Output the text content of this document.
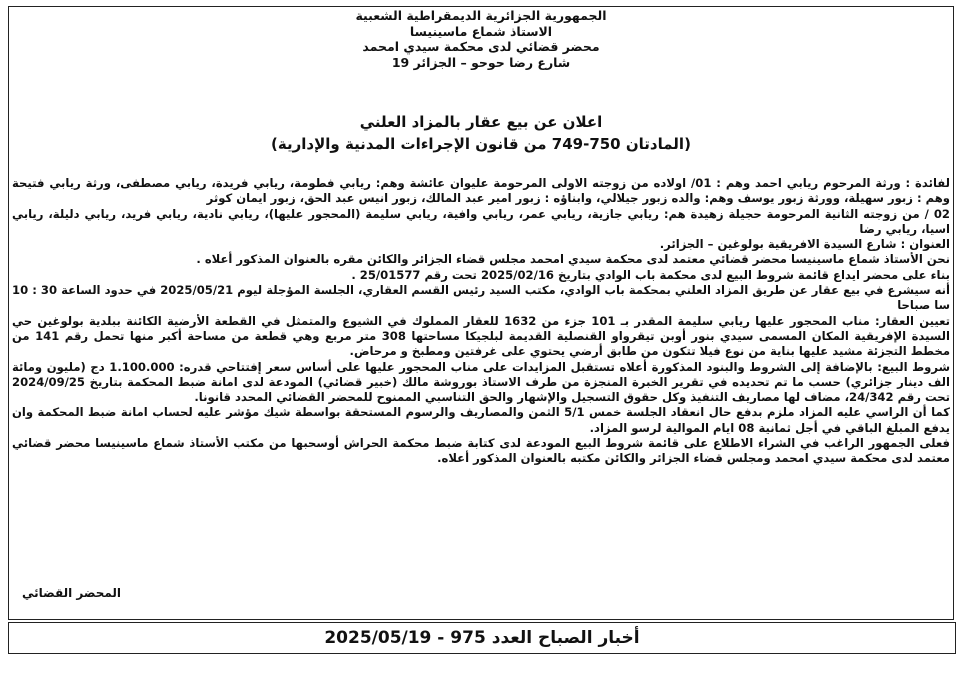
الجمهورية الجزائرية الديمقراطية الشعبية
الاستاذ شماع ماسينيسا
محضر قضائي لدى محكمة سيدي امحمد
19 شارع رضا حوحو – الجزائر
اعلان عن بيع عقار بالمزاد العلني
(المادتان 750-749 من قانون الإجراءات المدنية والإدارية)

لفائدة : ورثة المرحوم ريابي احمد وهم : 01/ اولاده من زوجته الاولى المرحومة عليوان عائشة وهم: ريابي فطومة، ريابي فريدة، ريابي مصطفى، ورثة ريابي فتيحة وهم : زبور سهيلة، وورثة زبور يوسف وهم: والده زبور جيلالي، وابناؤه : زبور امير عبد المالك، زبور انيس عبد الحق، زبور ايمان كوثر

02 / من زوجته الثانية المرحومة حجيلة زهيدة هم: ريابي جازية، ريابي عمر، ريابي وافية، ريابي سليمة (المحجور عليها)، ريابي نادية، ريابي فريد، ريابي دليلة، ريابي اسيا، ريابي رضا

العنوان : شارع السيدة الافريقية بولوغين – الجزائر.

نحن الأستاذ شماع ماسينيسا محضر قضائي معتمد لدى محكمة سيدي امحمد مجلس قضاء الجزائر والكائن مقره بالعنوان المذكور أعلاه .

بناء على محضر ايداع قائمة شروط البيع لدى محكمة باب الوادي بتاريخ 2025/02/16 تحت رقم 25/01577 .

أنه سيشرع في بيع عقار عن طريق المزاد العلني بمحكمة باب الوادي، مكتب السيد رئيس القسم العقاري، الجلسة المؤجلة ليوم 2025/05/21 في حدود الساعة 30 : 10 سا صباحا

تعيين العقار: مناب المحجور عليها ريابي سليمة المقدر بـ 101 جزء من 1632 للعقار المملوك في الشيوع والمتمثل في القطعة الأرضية الكائنة ببلدية بولوغين حي السيدة الإفريقية المكان المسمى سيدي بنور أوبن تيقرواو القنصلية القديمة لبلجيكا مساحتها 308 متر مربع وهي قطعة من مساحة أكبر منها تحمل رقم 141 من مخطط التجزئة مشيد عليها بناية من نوع فيلا تتكون من طابق أرضي يحتوي على غرفتين ومطبخ و مرحاض.

شروط البيع: بالإضافة إلى الشروط والبنود المذكورة أعلاه تستقبل المزايدات على مناب المحجور عليها على أساس سعر إفتتاحي قدره: 1.100.000 دج (مليون ومائة الف دينار جزائري) حسب ما تم تحديده في تقرير الخبرة المنجزة من طرف الاستاذ بوروشة مالك (خبير قضائي) المودعة لدى امانة ضبط المحكمة بتاريخ 2024/09/25 تحت رقم 24/342، مضاف لها مصاريف التنفيذ وكل حقوق التسجيل والإشهار والحق التناسبي الممنوح للمحضر القضائي المحدد قانونا.

كما أن الراسي عليه المزاد ملزم بدفع حال انعقاد الجلسة خمس 5/1 الثمن والمصاريف والرسوم المستحقة بواسطة شيك مؤشر عليه لحساب امانة ضبط المحكمة وان يدفع المبلغ الباقي في أجل ثمانية 08 ايام الموالية لرسو المزاد.

فعلى الجمهور الراغب في الشراء الاطلاع على قائمة شروط البيع المودعة لدى كتابة ضبط محكمة الحراش أوسحبها من مكتب الأستاذ شماع ماسينيسا محضر قضائي معتمد لدى محكمة سيدي امحمد ومجلس قضاء الجزائر والكائن مكتبه بالعنوان المذكور أعلاه.

المحضر القضائي
أخبار الصباح العدد 975 - 2025/05/19
